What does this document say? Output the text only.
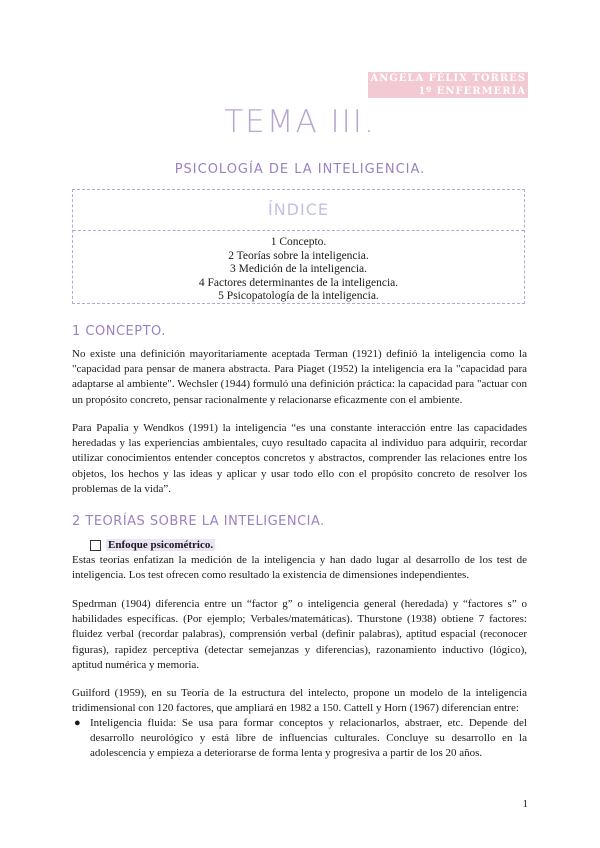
ÁNGELA FÉLIX TORRES
1º ENFERMERÍA
TEMA III.
PSICOLOGÍA DE LA INTELIGENCIA.
ÍNDICE
1 Concepto.
2 Teorías sobre la inteligencia.
3 Medición de la inteligencia.
4 Factores determinantes de la inteligencia.
5 Psicopatología de la inteligencia.
1 CONCEPTO.

No existe una definición mayoritariamente aceptada Terman (1921) definió la inteligencia como la "capacidad para pensar de manera abstracta. Para Piaget (1952) la inteligencia era la "capacidad para adaptarse al ambiente". Wechsler (1944) formuló una definición práctica: la capacidad para "actuar con un propósito concreto, pensar racionalmente y relacionarse eficazmente con el ambiente.

Para Papalia y Wendkos (1991) la inteligencia “es una constante interacción entre las capacidades heredadas y las experiencias ambientales, cuyo resultado capacita al individuo para adquirir, recordar utilizar conocimientos entender conceptos concretos y abstractos, comprender las relaciones entre los objetos, los hechos y las ideas y aplicar y usar todo ello con el propósito concreto de resolver los problemas de la vida”.

2 TEORÍAS SOBRE LA INTELIGENCIA.
Enfoque psicométrico.

Estas teorías enfatizan la medición de la inteligencia y han dado lugar al desarrollo de los test de inteligencia. Los test ofrecen como resultado la existencia de dimensiones independientes.

Spedrman (1904) diferencia entre un “factor g” o inteligencia general (heredada) y “factores s” o habilidades específicas. (Por ejemplo; Verbales/matemáticas). Thurstone (1938) obtiene 7 factores: fluidez verbal (recordar palabras), comprensión verbal (definir palabras), aptitud espacial (reconocer figuras), rapidez perceptiva (detectar semejanzas y diferencias), razonamiento inductivo (lógico), aptitud numérica y memoria.

Guilford (1959), en su Teoría de la estructura del intelecto, propone un modelo de la inteligencia tridimensional con 120 factores, que ampliará en 1982 a 150. Cattell y Horn (1967) diferencian entre:

● Inteligencia fluida: Se usa para formar conceptos y relacionarlos, abstraer, etc. Depende del desarrollo neurológico y está libre de influencias culturales. Concluye su desarrollo en la adolescencia y empieza a deteriorarse de forma lenta y progresiva a partir de los 20 años.
1
